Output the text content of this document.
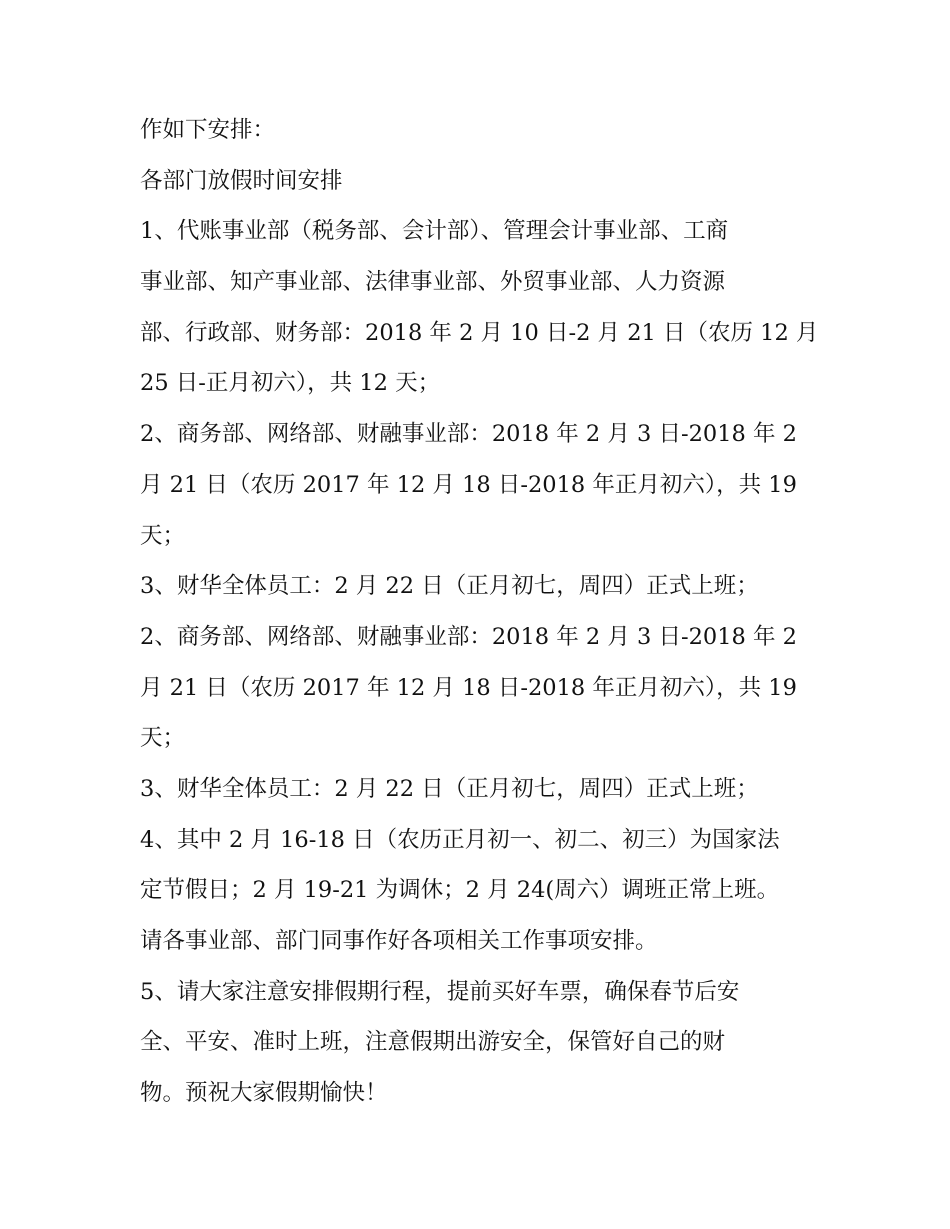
作如下安排：
各部门放假时间安排
1、代账事业部（税务部、会计部）、管理会计事业部、工商
事业部、知产事业部、法律事业部、外贸事业部、人力资源
部、行政部、财务部：2018 年 2 月 10 日-2 月 21 日（农历 12 月
25 日-正月初六），共 12 天；
2、商务部、网络部、财融事业部：2018 年 2 月 3 日-2018 年 2
月 21 日（农历 2017 年 12 月 18 日-2018 年正月初六），共 19
天；
3、财华全体员工：2 月 22 日（正月初七，周四）正式上班；
2、商务部、网络部、财融事业部：2018 年 2 月 3 日-2018 年 2
月 21 日（农历 2017 年 12 月 18 日-2018 年正月初六），共 19
天；
3、财华全体员工：2 月 22 日（正月初七，周四）正式上班；
4、其中 2 月 16-18 日（农历正月初一、初二、初三）为国家法
定节假日；2 月 19-21 为调休；2 月 24(周六）调班正常上班。
请各事业部、部门同事作好各项相关工作事项安排。
5、请大家注意安排假期行程，提前买好车票，确保春节后安
全、平安、准时上班，注意假期出游安全，保管好自己的财
物。预祝大家假期愉快！
